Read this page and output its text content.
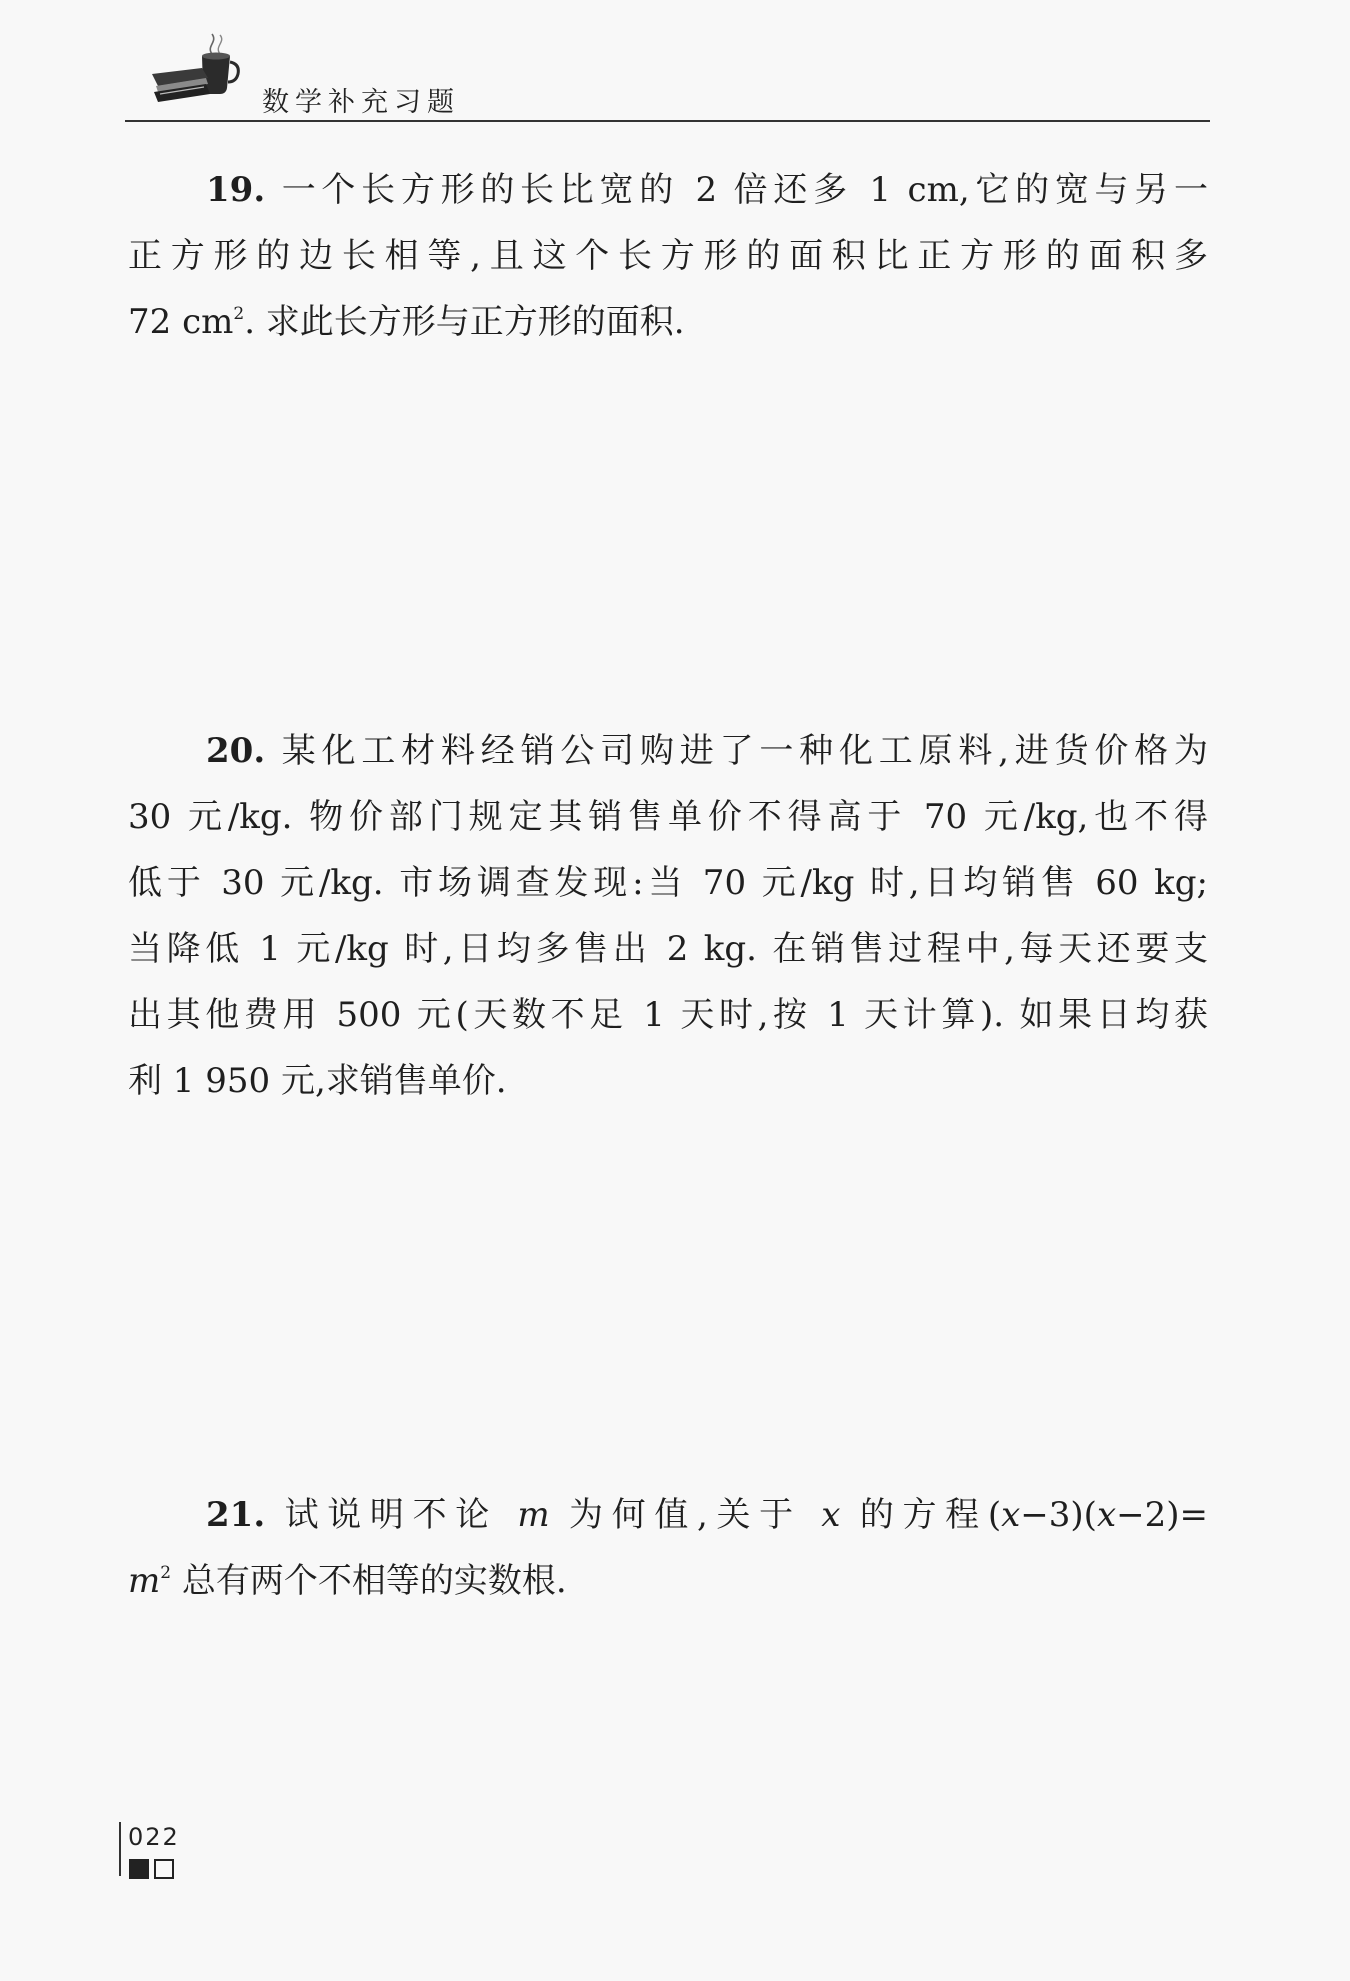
数学补充习题

19. 一个长方形的长比宽的 2 倍还多 1 cm,它的宽与另一
正方形的边长相等,且这个长方形的面积比正方形的面积多
72 $cm^2$. 求此长方形与正方形的面积.

20. 某化工材料经销公司购进了一种化工原料,进货价格为
30 元/kg. 物价部门规定其销售单价不得高于 70 元/kg,也不得
低于 30 元/kg. 市场调查发现:当 70 元/kg 时,日均销售 60 kg;
当降低 1 元/kg 时,日均多售出 2 kg. 在销售过程中,每天还要支
出其他费用 500 元(天数不足 1 天时,按 1 天计算). 如果日均获
利 1 950 元,求销售单价.

21. 试说明不论 m 为何值,关于 x 的方程(x−3)(x−2)=
$m^2$ 总有两个不相等的实数根.

022
